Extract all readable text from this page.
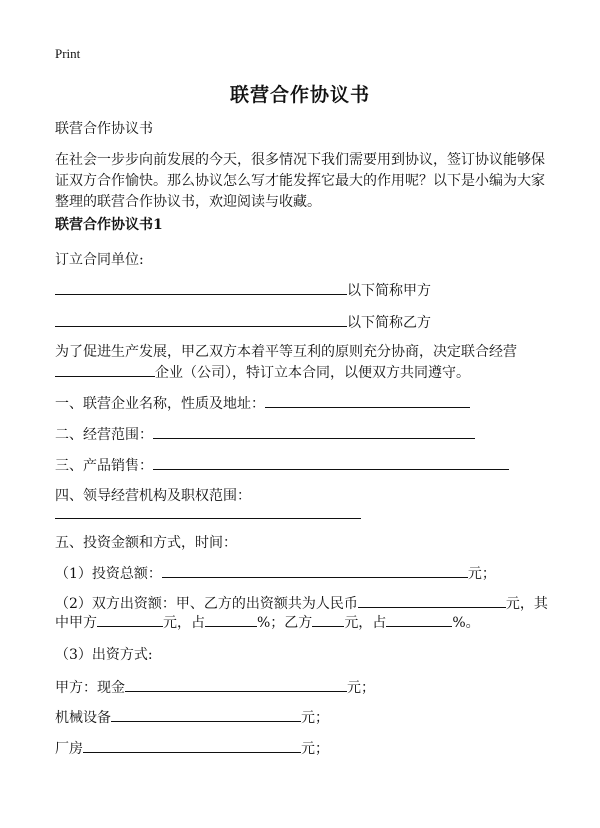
Print
联营合作协议书
联营合作协议书
在社会一步步向前发展的今天，很多情况下我们需要用到协议，签订协议能够保证双方合作愉快。那么协议怎么写才能发挥它最大的作用呢？以下是小编为大家整理的联营合作协议书，欢迎阅读与收藏。
联营合作协议书1
订立合同单位:
以下简称甲方
以下简称乙方
为了促进生产发展，甲乙双方本着平等互利的原则充分协商，决定联合经营
企业（公司），特订立本合同，以便双方共同遵守。
一、联营企业名称，性质及地址：
二、经营范围：
三、产品销售：
四、领导经营机构及职权范围：
五、投资金额和方式，时间：
（1）投资总额：	元；
（2）双方出资额：甲、乙方的出资额共为人民币	元，其
中甲方	元，占	%；乙方 元，占	%。
（3）出资方式:
甲方：现金	元；
机械设备	元；
厂房	元；
